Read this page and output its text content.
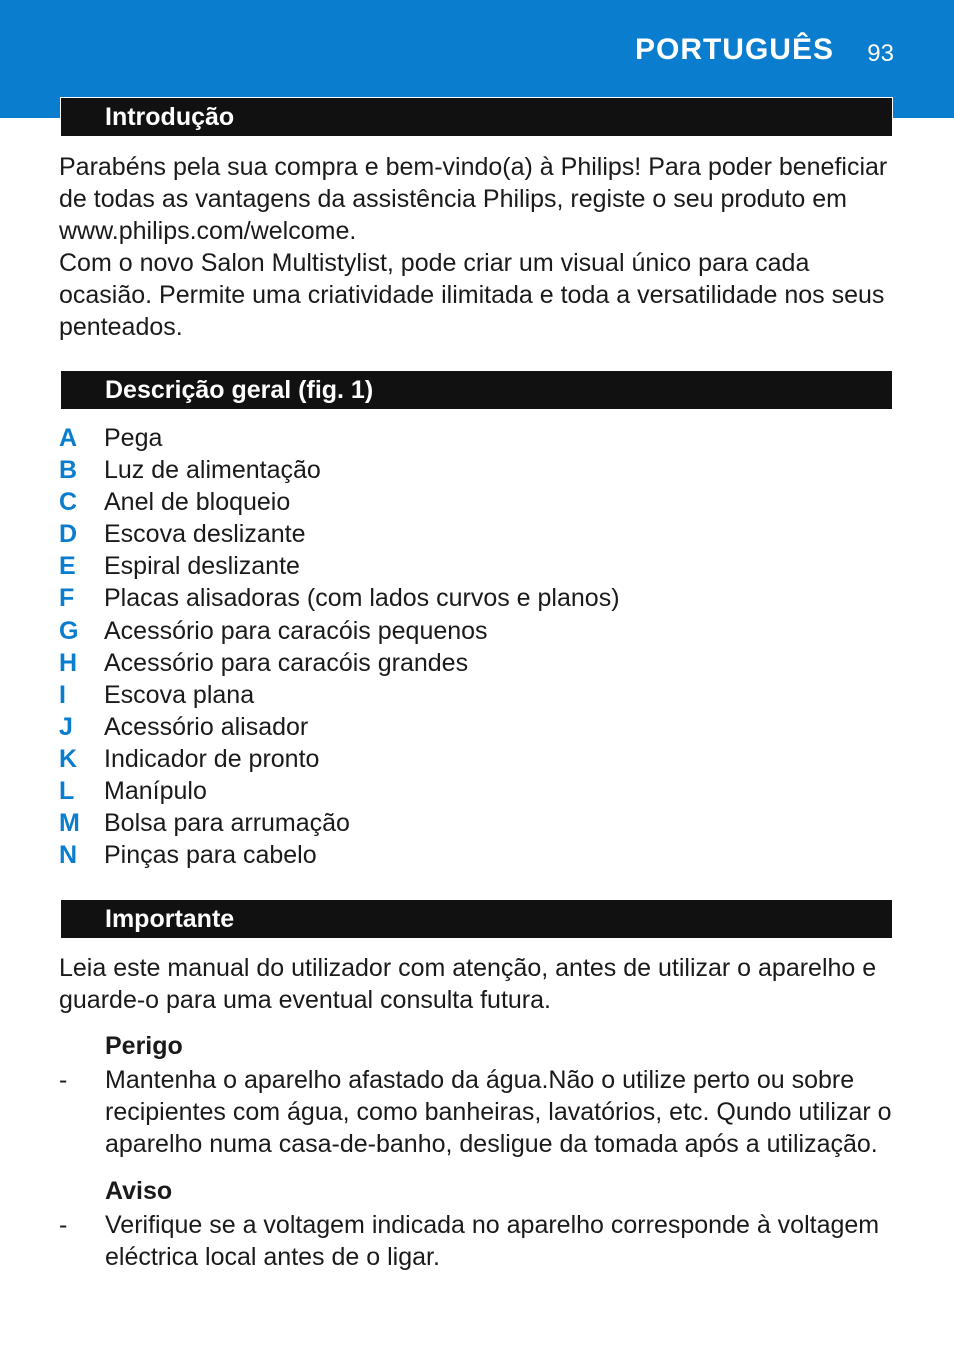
PORTUGUÊS 93
Introdução

Parabéns pela sua compra e bem-vindo(a) à Philips! Para poder beneficiar de todas as vantagens da assistência Philips, registe o seu produto em www.philips.com/welcome.

Com o novo Salon Multistylist, pode criar um visual único para cada ocasião. Permite uma criatividade ilimitada e toda a versatilidade nos seus penteados.

Descrição geral (fig. 1)
A Pega
B Luz de alimentação
C Anel de bloqueio
D Escova deslizante
E Espiral deslizante
F Placas alisadoras (com lados curvos e planos)
G Acessório para caracóis pequenos
H Acessório para caracóis grandes
I Escova plana
J Acessório alisador
K Indicador de pronto
L Manípulo
M Bolsa para arrumação
N Pinças para cabelo
Importante

Leia este manual do utilizador com atenção, antes de utilizar o aparelho e guarde-o para uma eventual consulta futura.

Perigo

- Mantenha o aparelho afastado da água.Não o utilize perto ou sobre recipientes com água, como banheiras, lavatórios, etc. Qundo utilizar o aparelho numa casa-de-banho, desligue da tomada após a utilização.

Aviso

- Verifique se a voltagem indicada no aparelho corresponde à voltagem eléctrica local antes de o ligar.
